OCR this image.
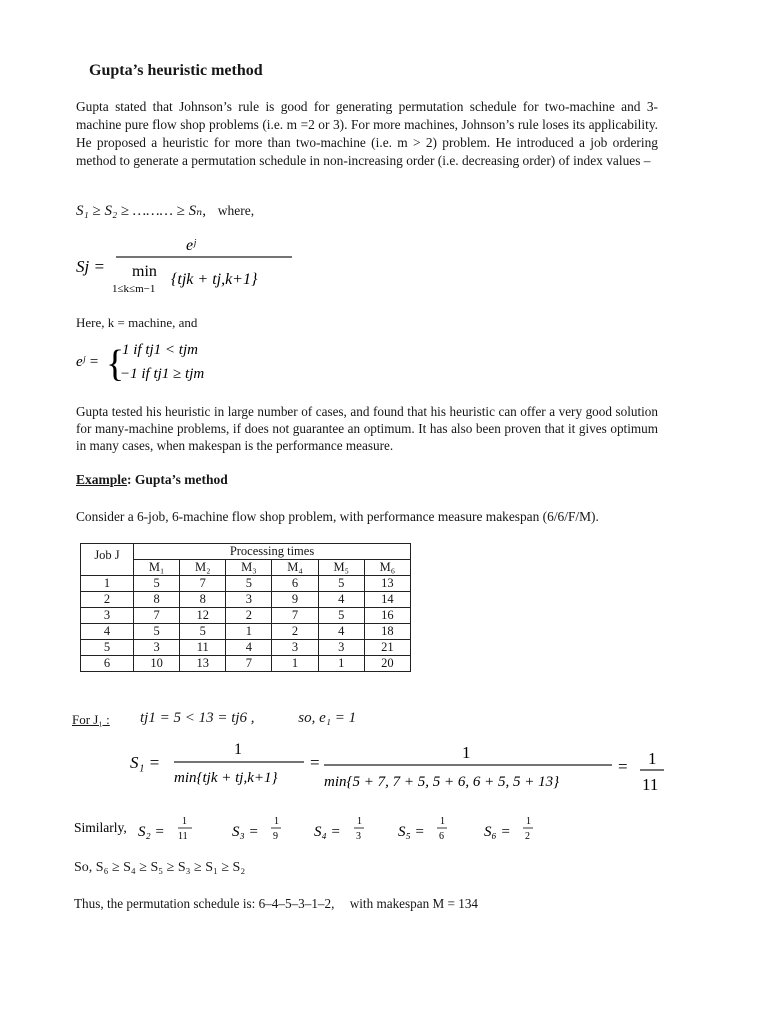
Gupta’s heuristic method
Gupta stated that Johnson’s rule is good for generating permutation schedule for two-machine and 3-machine pure flow shop problems (i.e. m =2 or 3). For more machines, Johnson’s rule loses its applicability. He proposed a heuristic for more than two-machine (i.e. m > 2) problem. He introduced a job ordering method to generate a permutation schedule in non-increasing order (i.e. decreasing order) of index values –
S₁ ≥ S₂ ≥ ……… ≥ Sₙ, where,
Sj =
eʲ
min
1≤k≤m−1
{tjk + tj,k+1}
Here, k = machine, and
eʲ = {
1 if tj1 < tjm
−1 if tj1 ≥ tjm
Gupta tested his heuristic in large number of cases, and found that his heuristic can offer a very good solution for many-machine problems, if does not guarantee an optimum. It has also been proven that it gives optimum in many cases, when makespan is the performance measure.
Example: Gupta’s method
Consider a 6-job, 6-machine flow shop problem, with performance measure makespan (6/6/F/M).
Job J	Processing times					
	M₁	M₂	M₃	M₄	M₅	M₆
1	5	7	5	6	5	13
2	8	8	3	9	4	14
3	7	12	2	7	5	16
4	5	5	1	2	4	18
5	3	11	4	3	3	21
6	10	13	7	1	1	20
For J₁ : tj1 = 5 < 13 = tj6 ,	so, e₁ = 1
S₁ =
1
min{tjk + tj,k+1}
=
1
min{5 + 7, 7 + 5, 5 + 6, 6 + 5, 5 + 13}
= 1
11
Similarly, S₂ =
1
11	S₃ =
1
9 S₄ =
1
3 S₅ =
1
6	S₆ =
1
2
So, S₆ ≥ S₄ ≥ S₅ ≥ S₃ ≥ S₁ ≥ S₂
Thus, the permutation schedule is: 6–4–5–3–1–2, with makespan M = 134
